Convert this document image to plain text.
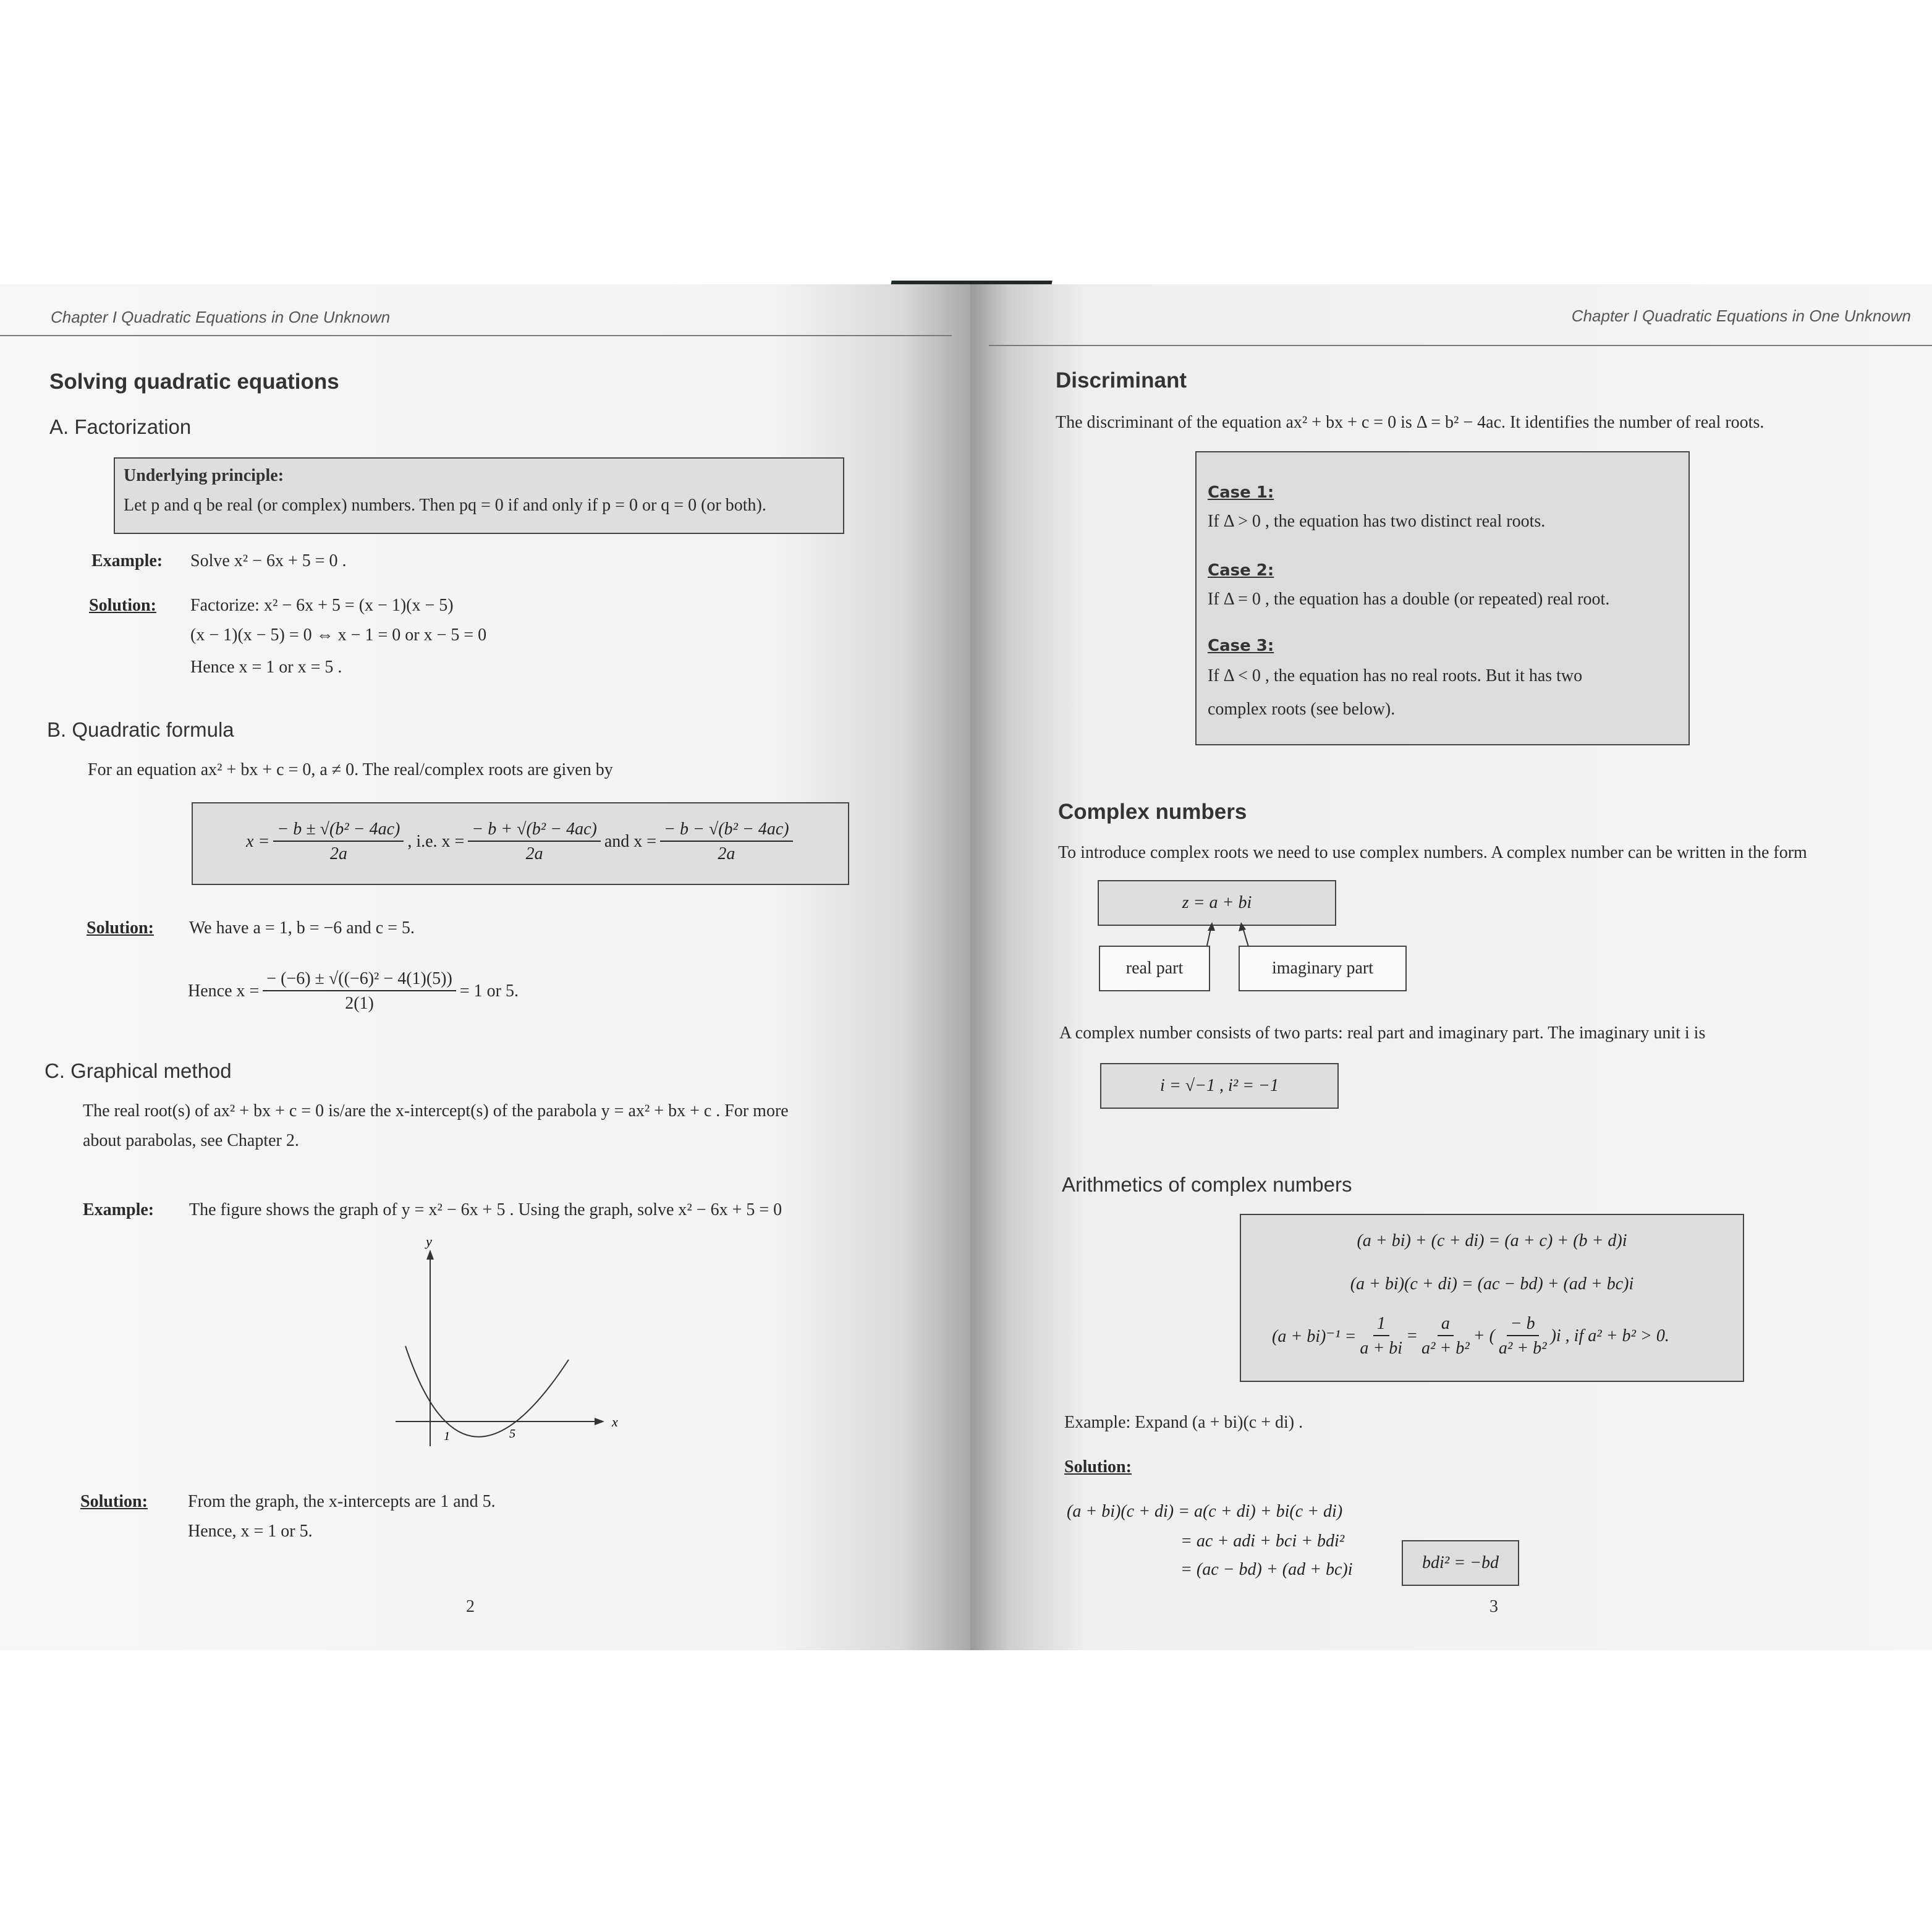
Chapter I Quadratic Equations in One Unknown
Solving quadratic equations
A. Factorization
Underlying principle:
Let p and q be real (or complex) numbers. Then pq = 0 if and only if p = 0 or q = 0 (or both).
Example: Solve x² − 6x + 5 = 0 .
Solution: Factorize: x² − 6x + 5 = (x − 1)(x − 5)
(x − 1)(x − 5) = 0 ⇔ x − 1 = 0 or x − 5 = 0
Hence x = 1 or x = 5 .
B. Quadratic formula
For an equation ax² + bx + c = 0, a ≠ 0. The real/complex roots are given by
$x = \frac{\text{− b ± √(b² − 4ac)}}{2a}$ , i.e. $x = \frac{\text{− b + √(b² − 4ac)}}{2a}$ and $x = \frac{\text{− b − √(b² − 4ac)}}{2a}$
Solution: We have a = 1, b = −6 and c = 5.
Hence $x = \frac{\text{− (−6) ± √((−6)² − 4(1)(5))}}{2(1)} = 1$ or 5.
C. Graphical method
The real root(s) of ax² + bx + c = 0 is/are the x-intercept(s) of the parabola y = ax² + bx + c . For more
about parabolas, see Chapter 2.
Example: The figure shows the graph of y = x² − 6x + 5 . Using the graph, solve x² − 6x + 5 = 0
y
x
1	5
Solution: From the graph, the x-intercepts are 1 and 5.
Hence, x = 1 or 5.
2
Chapter I Quadratic Equations in One Unknown
Discriminant
The discriminant of the equation ax² + bx + c = 0 is Δ = b² − 4ac. It identifies the number of real roots.
Case 1:
If Δ > 0 , the equation has two distinct real roots.
Case 2:
If Δ = 0 , the equation has a double (or repeated) real root.
Case 3:
If Δ < 0 , the equation has no real roots. But it has two
complex roots (see below).
Complex numbers
To introduce complex roots we need to use complex numbers. A complex number can be written in the form
z = a + bi
real part	imaginary part
A complex number consists of two parts: real part and imaginary part. The imaginary unit i is
i = √−1 , i² = −1
Arithmetics of complex numbers
(a + bi) + (c + di) = (a + c) + (b + d)i
(a + bi)(c + di) = (ac − bd) + (ad + bc)i
$(a + bi)^{-1} = \frac{1}{a + bi} = \frac{a}{\text{a² + b²}}$ + ( $\frac{- b}{\text{a² + b²}} )i$ , if a² + b² > 0.
Example: Expand (a + bi)(c + di) .
Solution:
(a + bi)(c + di) = a(c + di) + bi(c + di)
= ac + adi + bci + bdi²
= (ac − bd) + (ad + bc)i	bdi² = −bd
3
